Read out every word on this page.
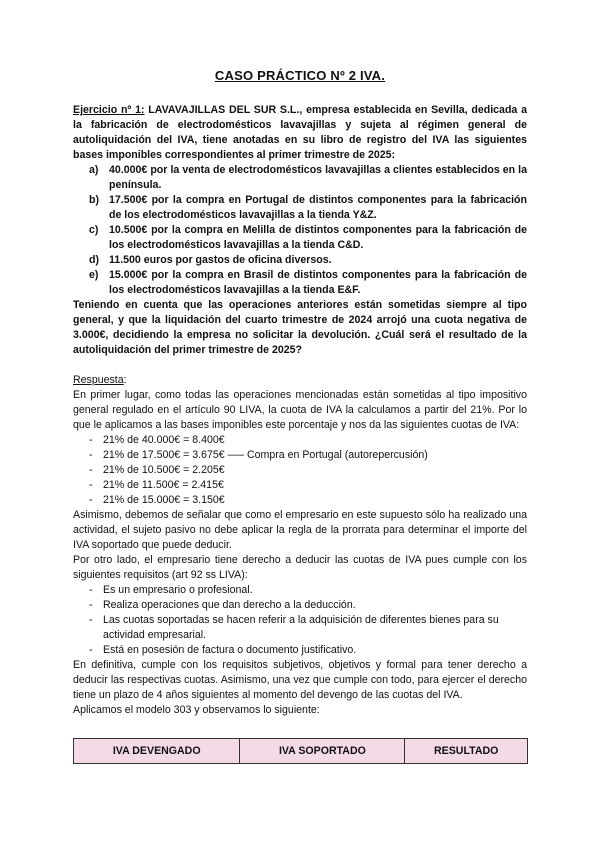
CASO PRÁCTICO Nº 2 IVA.
Ejercicio nº 1: LAVAVAJILLAS DEL SUR S.L., empresa establecida en Sevilla, dedicada a la fabricación de electrodomésticos lavavajillas y sujeta al régimen general de autoliquidación del IVA, tiene anotadas en su libro de registro del IVA las siguientes bases imponibles correspondientes al primer trimestre de 2025:
a) 40.000€ por la venta de electrodomésticos lavavajillas a clientes establecidos en la península.
b) 17.500€ por la compra en Portugal de distintos componentes para la fabricación de los electrodomésticos lavavajillas a la tienda Y&Z.
c) 10.500€ por la compra en Melilla de distintos componentes para la fabricación de los electrodomésticos lavavajillas a la tienda C&D.
d) 11.500 euros por gastos de oficina diversos.
e) 15.000€ por la compra en Brasil de distintos componentes para la fabricación de los electrodomésticos lavavajillas a la tienda E&F.
Teniendo en cuenta que las operaciones anteriores están sometidas siempre al tipo general, y que la liquidación del cuarto trimestre de 2024 arrojó una cuota negativa de 3.000€, decidiendo la empresa no solicitar la devolución. ¿Cuál será el resultado de la autoliquidación del primer trimestre de 2025?

Respuesta:

En primer lugar, como todas las operaciones mencionadas están sometidas al tipo impositivo general regulado en el artículo 90 LIVA, la cuota de IVA la calculamos a partir del 21%. Por lo que le aplicamos a las bases imponibles este porcentaje y nos da las siguientes cuotas de IVA:

- 21% de 40.000€ = 8.400€
- 21% de 17.500€ = 3.675€ —– Compra en Portugal (autorepercusión)
- 21% de 10.500€ = 2.205€
- 21% de 11.500€ = 2.415€
- 21% de 15.000€ = 3.150€

Asimismo, debemos de señalar que como el empresario en este supuesto sólo ha realizado una actividad, el sujeto pasivo no debe aplicar la regla de la prorrata para determinar el importe del IVA soportado que puede deducir.

Por otro lado, el empresario tiene derecho a deducir las cuotas de IVA pues cumple con los siguientes requisitos (art 92 ss LIVA):

- Es un empresario o profesional.
- Realiza operaciones que dan derecho a la deducción.
- Las cuotas soportadas se hacen referir a la adquisición de diferentes bienes para su actividad empresarial.
- Está en posesión de factura o documento justificativo.

En definitiva, cumple con los requisitos subjetivos, objetivos y formal para tener derecho a deducir las respectivas cuotas. Asimismo, una vez que cumple con todo, para ejercer el derecho tiene un plazo de 4 años siguientes al momento del devengo de las cuotas del IVA.

Aplicamos el modelo 303 y observamos lo siguiente:

IVA DEVENGADO	IVA SOPORTADO	RESULTADO
